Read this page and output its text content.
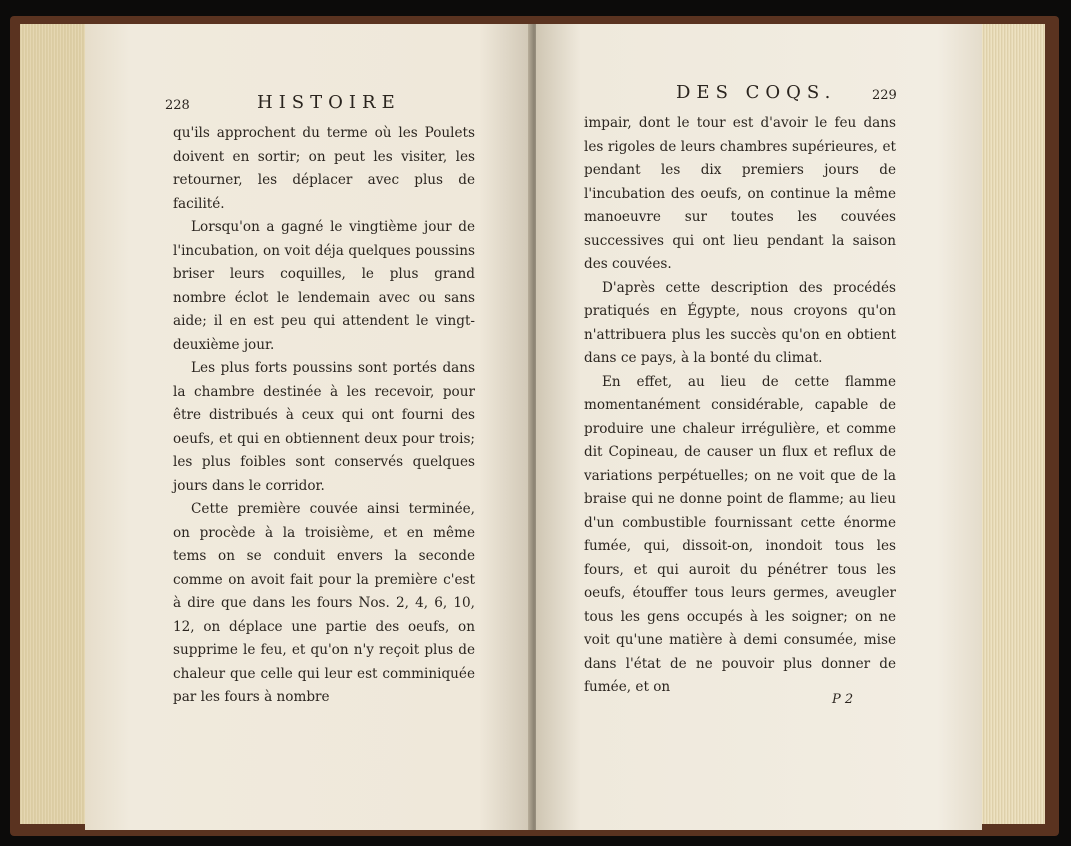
228	HISTOIRE

qu'ils approchent du terme où les Poulets doivent en sortir; on peut les visiter, les retourner, les déplacer avec plus de facilité.

Lorsqu'on a gagné le vingtième jour de l'incubation, on voit déja quelques poussins briser leurs coquilles, le plus grand nombre éclot le lendemain avec ou sans aide; il en est peu qui attendent le vingt-deuxième jour.

Les plus forts poussins sont portés dans la chambre destinée à les recevoir, pour être distribués à ceux qui ont fourni des oeufs, et qui en obtiennent deux pour trois; les plus foibles sont conservés quelques jours dans le corridor.

Cette première couvée ainsi terminée, on procède à la troisième, et en même tems on se conduit envers la seconde comme on avoit fait pour la première c'est à dire que dans les fours Nos. 2, 4, 6, 10, 12, on déplace une partie des oeufs, on supprime le feu, et qu'on n'y reçoit plus de chaleur que celle qui leur est comminiquée par les fours à nombre

DES COQS.	229

impair, dont le tour est d'avoir le feu dans les rigoles de leurs chambres supérieures, et pendant les dix premiers jours de l'incubation des oeufs, on continue la même manoeuvre sur toutes les couvées successives qui ont lieu pendant la saison des couvées.

D'après cette description des procédés pratiqués en Égypte, nous croyons qu'on n'attribuera plus les succès qu'on en obtient dans ce pays, à la bonté du climat.

En effet, au lieu de cette flamme momentanément considérable, capable de produire une chaleur irrégulière, et comme dit Copineau, de causer un flux et reflux de variations perpétuelles; on ne voit que de la braise qui ne donne point de flamme; au lieu d'un combustible fournissant cette énorme fumée, qui, dissoit-on, inondoit tous les fours, et qui auroit du pénétrer tous les oeufs, étouffer tous leurs germes, aveugler tous les gens occupés à les soigner; on ne voit qu'une matière à demi consumée, mise dans l'état de ne pouvoir plus donner de fumée, et on

P 2
